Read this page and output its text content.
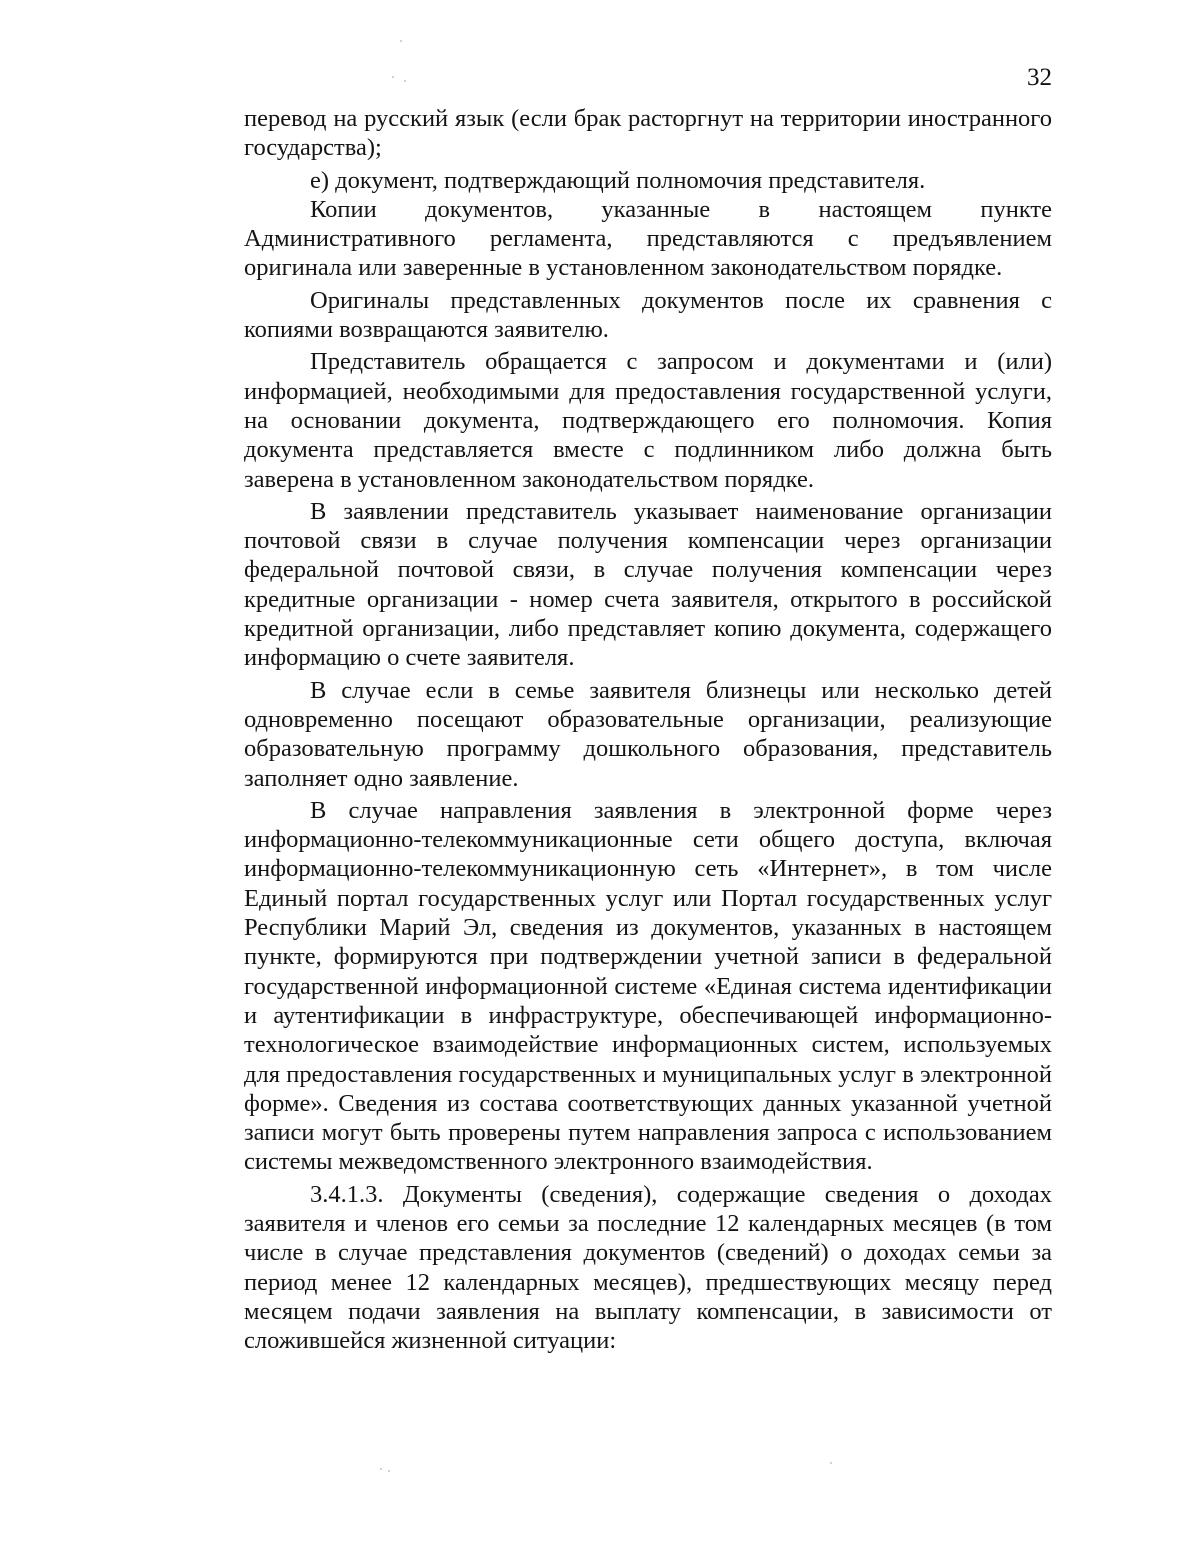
32

перевод на русский язык (если брак расторгнут на территории иностранного государства);

е) документ, подтверждающий полномочия представителя.

Копии документов, указанные в настоящем пункте Административного регламента, представляются с предъявлением оригинала или заверенные в установленном законодательством порядке.

Оригиналы представленных документов после их сравнения с копиями возвращаются заявителю.

Представитель обращается с запросом и документами и (или) информацией, необходимыми для предоставления государственной услуги, на основании документа, подтверждающего его полномочия. Копия документа представляется вместе с подлинником либо должна быть заверена в установленном законодательством порядке.

В заявлении представитель указывает наименование организации почтовой связи в случае получения компенсации через организации федеральной почтовой связи, в случае получения компенсации через кредитные организации - номер счета заявителя, открытого в российской кредитной организации, либо представляет копию документа, содержащего информацию о счете заявителя.

В случае если в семье заявителя близнецы или несколько детей одновременно посещают образовательные организации, реализующие образовательную программу дошкольного образования, представитель заполняет одно заявление.

В случае направления заявления в электронной форме через информационно-телекоммуникационные сети общего доступа, включая информационно-телекоммуникационную сеть «Интернет», в том числе Единый портал государственных услуг или Портал государственных услуг Республики Марий Эл, сведения из документов, указанных в настоящем пункте, формируются при подтверждении учетной записи в федеральной государственной информационной системе «Единая система идентификации и аутентификации в инфраструктуре, обеспечивающей информационно-технологическое взаимодействие информационных систем, используемых для предоставления государственных и муниципальных услуг в электронной форме». Сведения из состава соответствующих данных указанной учетной записи могут быть проверены путем направления запроса с использованием системы межведомственного электронного взаимодействия.

3.4.1.3. Документы (сведения), содержащие сведения о доходах заявителя и членов его семьи за последние 12 календарных месяцев (в том числе в случае представления документов (сведений) о доходах семьи за период менее 12 календарных месяцев), предшествующих месяцу перед месяцем подачи заявления на выплату компенсации, в зависимости от сложившейся жизненной ситуации:
